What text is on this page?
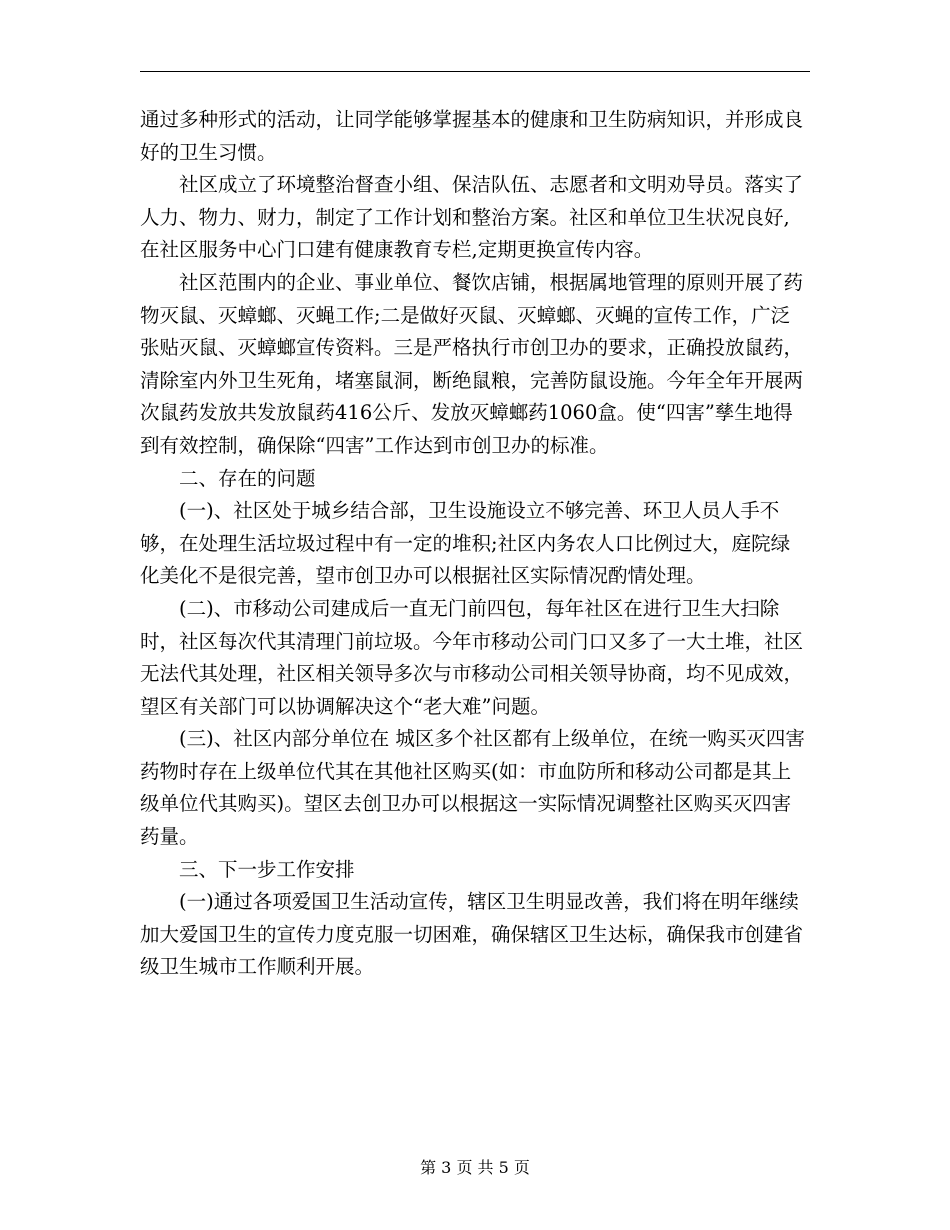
通过多种形式的活动，让同学能够掌握基本的健康和卫生防病知识，并形成良好的卫生习惯。

　　社区成立了环境整治督查小组、保洁队伍、志愿者和文明劝导员。落实了人力、物力、财力，制定了工作计划和整治方案。社区和单位卫生状况良好,在社区服务中心门口建有健康教育专栏,定期更换宣传内容。

　　社区范围内的企业、事业单位、餐饮店铺，根据属地管理的原则开展了药物灭鼠、灭蟑螂、灭蝇工作;二是做好灭鼠、灭蟑螂、灭蝇的宣传工作，广泛张贴灭鼠、灭蟑螂宣传资料。三是严格执行市创卫办的要求，正确投放鼠药，清除室内外卫生死角，堵塞鼠洞，断绝鼠粮，完善防鼠设施。今年全年开展两次鼠药发放共发放鼠药416公斤、发放灭蟑螂药1060盒。使“四害”孳生地得到有效控制，确保除“四害”工作达到市创卫办的标准。

　　二、存在的问题

　　(一)、社区处于城乡结合部，卫生设施设立不够完善、环卫人员人手不够，在处理生活垃圾过程中有一定的堆积;社区内务农人口比例过大，庭院绿化美化不是很完善，望市创卫办可以根据社区实际情况酌情处理。

　　(二)、市移动公司建成后一直无门前四包，每年社区在进行卫生大扫除时，社区每次代其清理门前垃圾。今年市移动公司门口又多了一大土堆，社区无法代其处理，社区相关领导多次与市移动公司相关领导协商，均不见成效，望区有关部门可以协调解决这个“老大难”问题。

　　(三)、社区内部分单位在 城区多个社区都有上级单位，在统一购买灭四害药物时存在上级单位代其在其他社区购买(如：市血防所和移动公司都是其上级单位代其购买)。望区去创卫办可以根据这一实际情况调整社区购买灭四害药量。

　　三、下一步工作安排

　　(一)通过各项爱国卫生活动宣传，辖区卫生明显改善，我们将在明年继续加大爱国卫生的宣传力度克服一切困难，确保辖区卫生达标，确保我市创建省级卫生城市工作顺利开展。

第 3 页 共 5 页
